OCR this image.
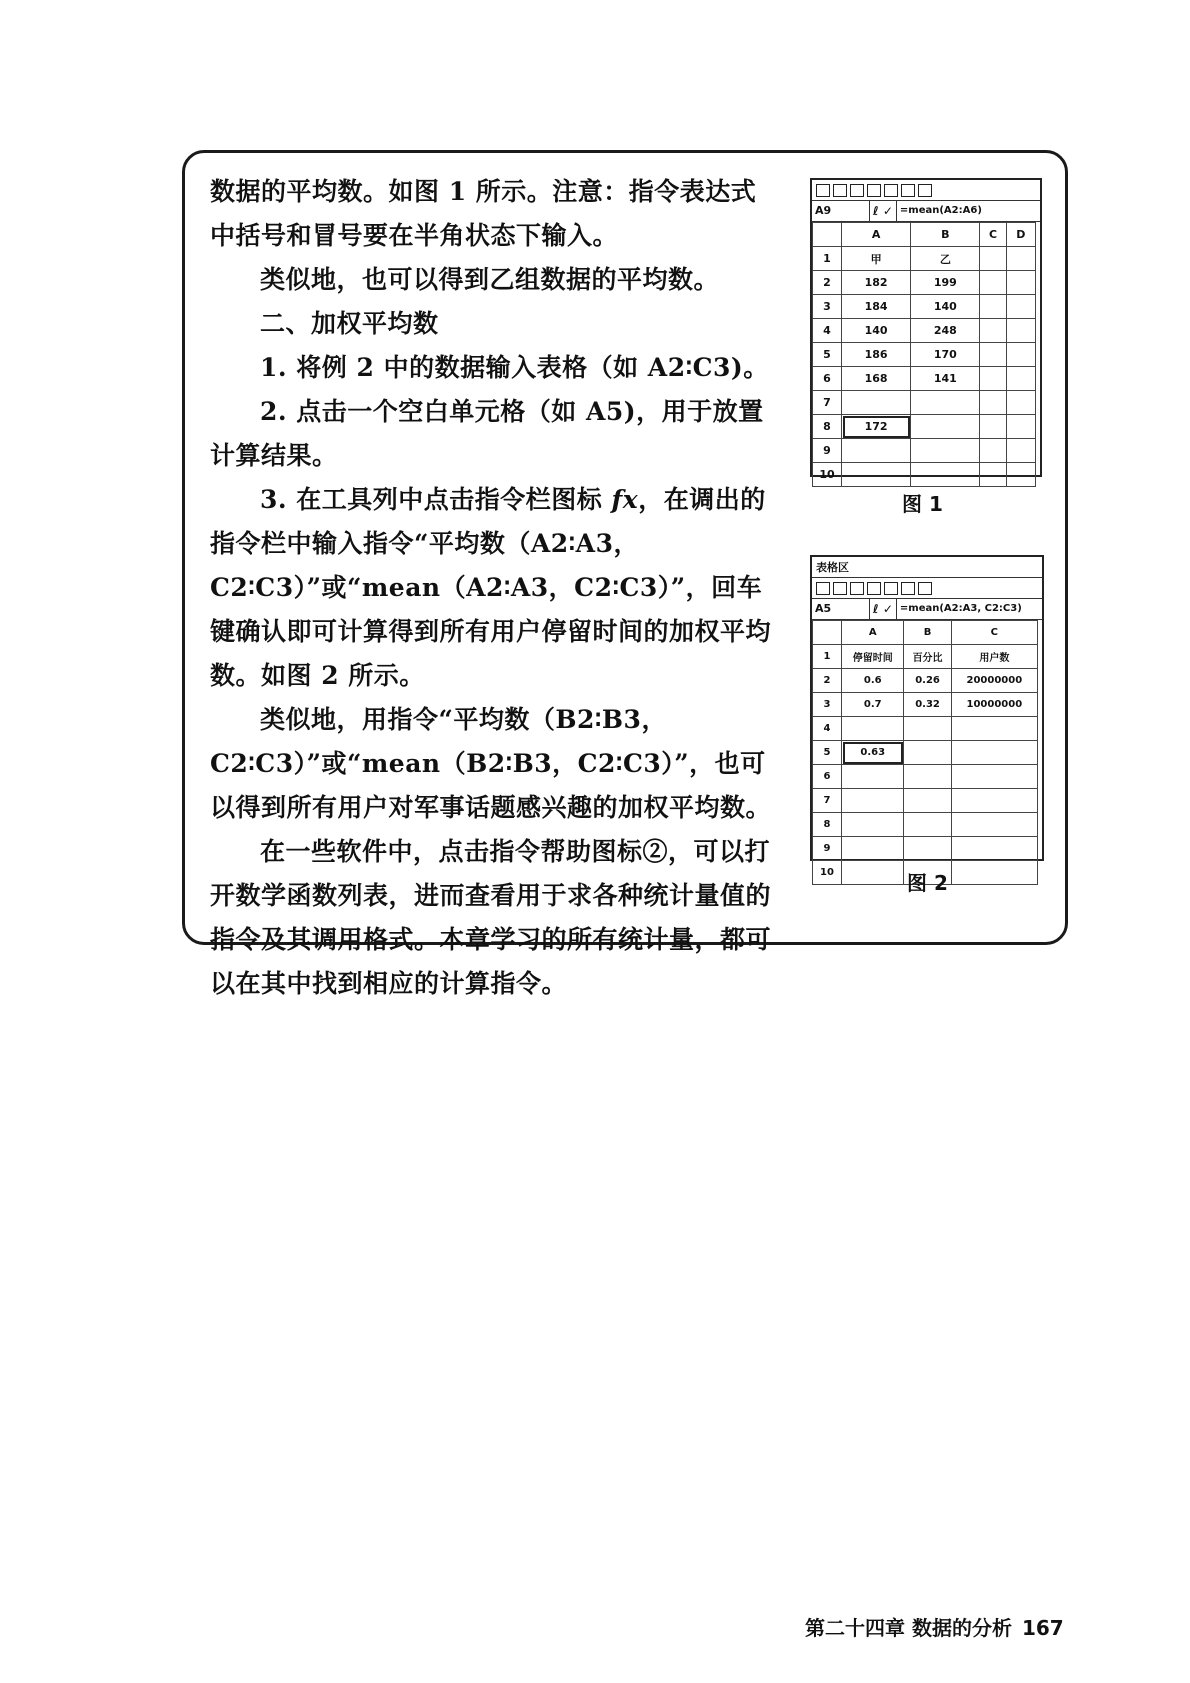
数据的平均数。如图 1 所示。注意：指令表达式中括号和冒号要在半角状态下输入。

类似地，也可以得到乙组数据的平均数。

二、加权平均数

1. 将例 2 中的数据输入表格（如 A2∶C3)。

2. 点击一个空白单元格（如 A5)，用于放置计算结果。

3. 在工具列中点击指令栏图标 fx，在调出的指令栏中输入指令“平均数（A2∶A3，C2∶C3）”或“mean（A2∶A3，C2∶C3）”，回车键确认即可计算得到所有用户停留时间的加权平均数。如图 2 所示。

类似地，用指令“平均数（B2∶B3，C2∶C3）”或“mean（B2∶B3，C2∶C3）”，也可以得到所有用户对军事话题感兴趣的加权平均数。

在一些软件中，点击指令帮助图标②，可以打开数学函数列表，进而查看用于求各种统计量值的指令及其调用格式。本章学习的所有统计量，都可以在其中找到相应的计算指令。

A9	ℓ ✓ =mean(A2:A6)
	A	B	C	D
1	甲	乙		
2	182	199		
3	184	140		
4	140	248		
5	186	170		
6	168	141		
7				
8	172			
9				
10				
图 1
表格区
A5	ℓ ✓ =mean(A2:A3, C2:C3)
	A	B	C
1	停留时间	百分比	用户数
2	0.6	0.26	20000000
3	0.7	0.32	10000000
4			
5	0.63		
6			
7			
8			
9			
10				图 2
第二十四章 数据的分析 167
